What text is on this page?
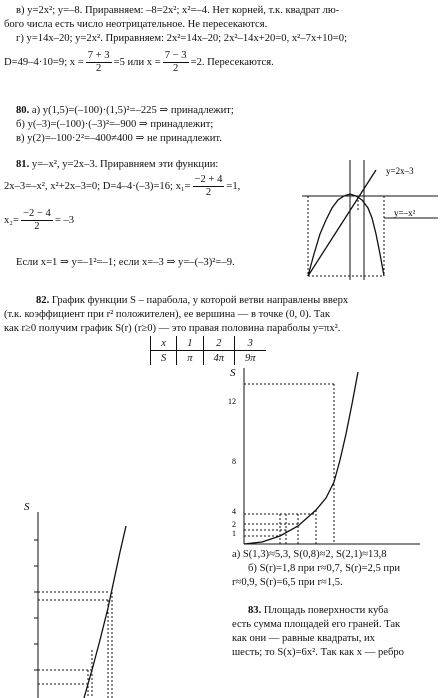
в) y=2x²; y=–8. Приравняем: –8=2x²; x²=–4. Нет корней, т.к. квадрат лю-
бого числа есть число неотрицательное. Не пересекаются.
г) y=14x–20; y=2x². Приравняем: 2x²=14x–20; 2x²–14x+20=0, x²–7x+10=0;
D=49–4·10=9; $x = \frac{7 + 3}{2} =5$ или $x = \frac{7 - 3}{2} =2$. Пересекаются.
80. а) y(1,5)=(–100)·(1,5)²=–225 ⇒ принадлежит;
б) y(–3)=(–100)·(–3)²=–900 ⇒ принадлежит;
в) y(2)=–100·2²=–400≠400 ⇒ не принадлежит.
81. y=–x², y=2x–3. Приравняем эти функции:
2x–3=–x², x²+2x–3=0; D=4–4·(–3)=16; $x_1= \frac{-2 + 4}{2} =1$,
$x_2= \frac{-2 - 4}{2} = -3$
Если x=1 ⇒ y=–1²=–1; если x=–3 ⇒ y=–(–3)²=–9.
y=2x–3
y=–x²
82. График функции S – парабола, у которой ветви направлены вверх
(т.к. коэффициент при r² положителен), ее вершина — в точке (0, 0). Так
как r≥0 получим график S(r) (r≥0) — это правая половина параболы y=πx².
x	1	2	3
S	π	4π	9π
S
12
8
4
2
1
а) S(1,3)≈5,3, S(0,8)≈2, S(2,1)≈13,8
б) S(r)=1,8 при r≈0,7, S(r)=2,5 при
r≈0,9, S(r)=6,5 при r≈1,5.
83. Площадь поверхности куба
есть сумма площадей его граней. Так
как они — равные квадраты, их
шесть; то S(x)=6x². Так как x — ребро
S
